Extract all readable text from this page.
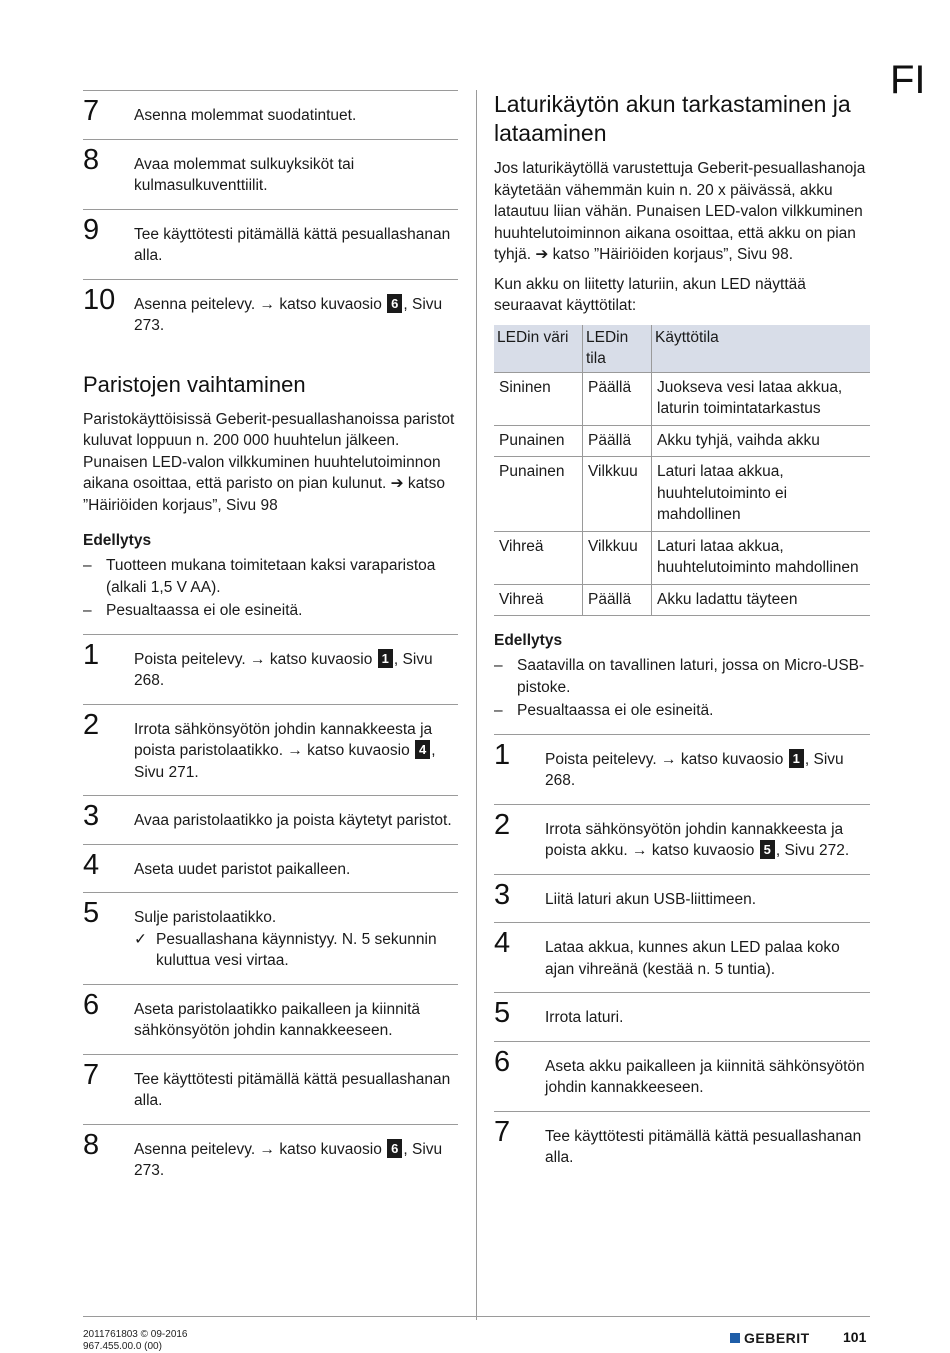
FI
7 Asenna molemmat suodatintuet.
8 Avaa molemmat sulkuyksiköt tai kulmasulkuventtiilit.
9 Tee käyttötesti pitämällä kättä pesuallashanan alla.
10 Asenna peitelevy. → katso kuvaosio 6 , Sivu 273.
Paristojen vaihtaminen

Paristokäyttöisissä Geberit-pesuallashanoissa paristot kuluvat loppuun n. 200 000 huuhtelun jälkeen. Punaisen LED-valon vilkkuminen huuhtelutoiminnon aikana osoittaa, että paristo on pian kulunut. ➔ katso ”Häiriöiden korjaus”, Sivu 98

Edellytys
– Tuotteen mukana toimitetaan kaksi varaparistoa (alkali 1,5 V AA).
– Pesualtaassa ei ole esineitä.
1 Poista peitelevy. → katso kuvaosio 1 , Sivu 268.
2 Irrota sähkönsyötön johdin kannakkeesta ja poista paristolaatikko. → katso kuvaosio 4 , Sivu 271.
3 Avaa paristolaatikko ja poista käytetyt paristot.
4 Aseta uudet paristot paikalleen.
5 Sulje paristolaatikko.
✓ Pesuallashana käynnistyy. N. 5 sekunnin kuluttua vesi virtaa.
6 Aseta paristolaatikko paikalleen ja kiinnitä sähkönsyötön johdin kannakkeeseen.
7 Tee käyttötesti pitämällä kättä pesuallashanan alla.
8 Asenna peitelevy. → katso kuvaosio 6 , Sivu 273.
Laturikäytön akun tarkastaminen ja lataaminen

Jos laturikäytöllä varustettuja Geberit-pesuallashanoja käytetään vähemmän kuin n. 20 x päivässä, akku latautuu liian vähän. Punaisen LED-valon vilkkuminen huuhtelutoiminnon aikana osoittaa, että akku on pian tyhjä. ➔ katso ”Häiriöiden korjaus”, Sivu 98.

Kun akku on liitetty laturiin, akun LED näyttää seuraavat käyttötilat:

LEDin väri	LEDin tila	Käyttötila
Sininen	Päällä	Juokseva vesi lataa akkua, laturin toimintatarkastus
Punainen	Päällä	Akku tyhjä, vaihda akku
Punainen	Vilkkuu	Laturi lataa akkua, huuhtelutoiminto ei mahdollinen
Vihreä	Vilkkuu	Laturi lataa akkua, huuhtelutoiminto mahdollinen
Vihreä	Päällä	Akku ladattu täyteen
Edellytys
– Saatavilla on tavallinen laturi, jossa on Micro-USB-pistoke.
– Pesualtaassa ei ole esineitä.
1 Poista peitelevy. → katso kuvaosio 1 , Sivu 268.
2 Irrota sähkönsyötön johdin kannakkeesta ja poista akku. → katso kuvaosio 5 , Sivu 272.
3 Liitä laturi akun USB-liittimeen.
4 Lataa akkua, kunnes akun LED palaa koko ajan vihreänä (kestää n. 5 tuntia).
5 Irrota laturi.
6 Aseta akku paikalleen ja kiinnitä sähkönsyötön johdin kannakkeeseen.
7 Tee käyttötesti pitämällä kättä pesuallashanan alla.
2011761803 © 09-2016
967.455.00.0 (00)
GEBERIT 101
